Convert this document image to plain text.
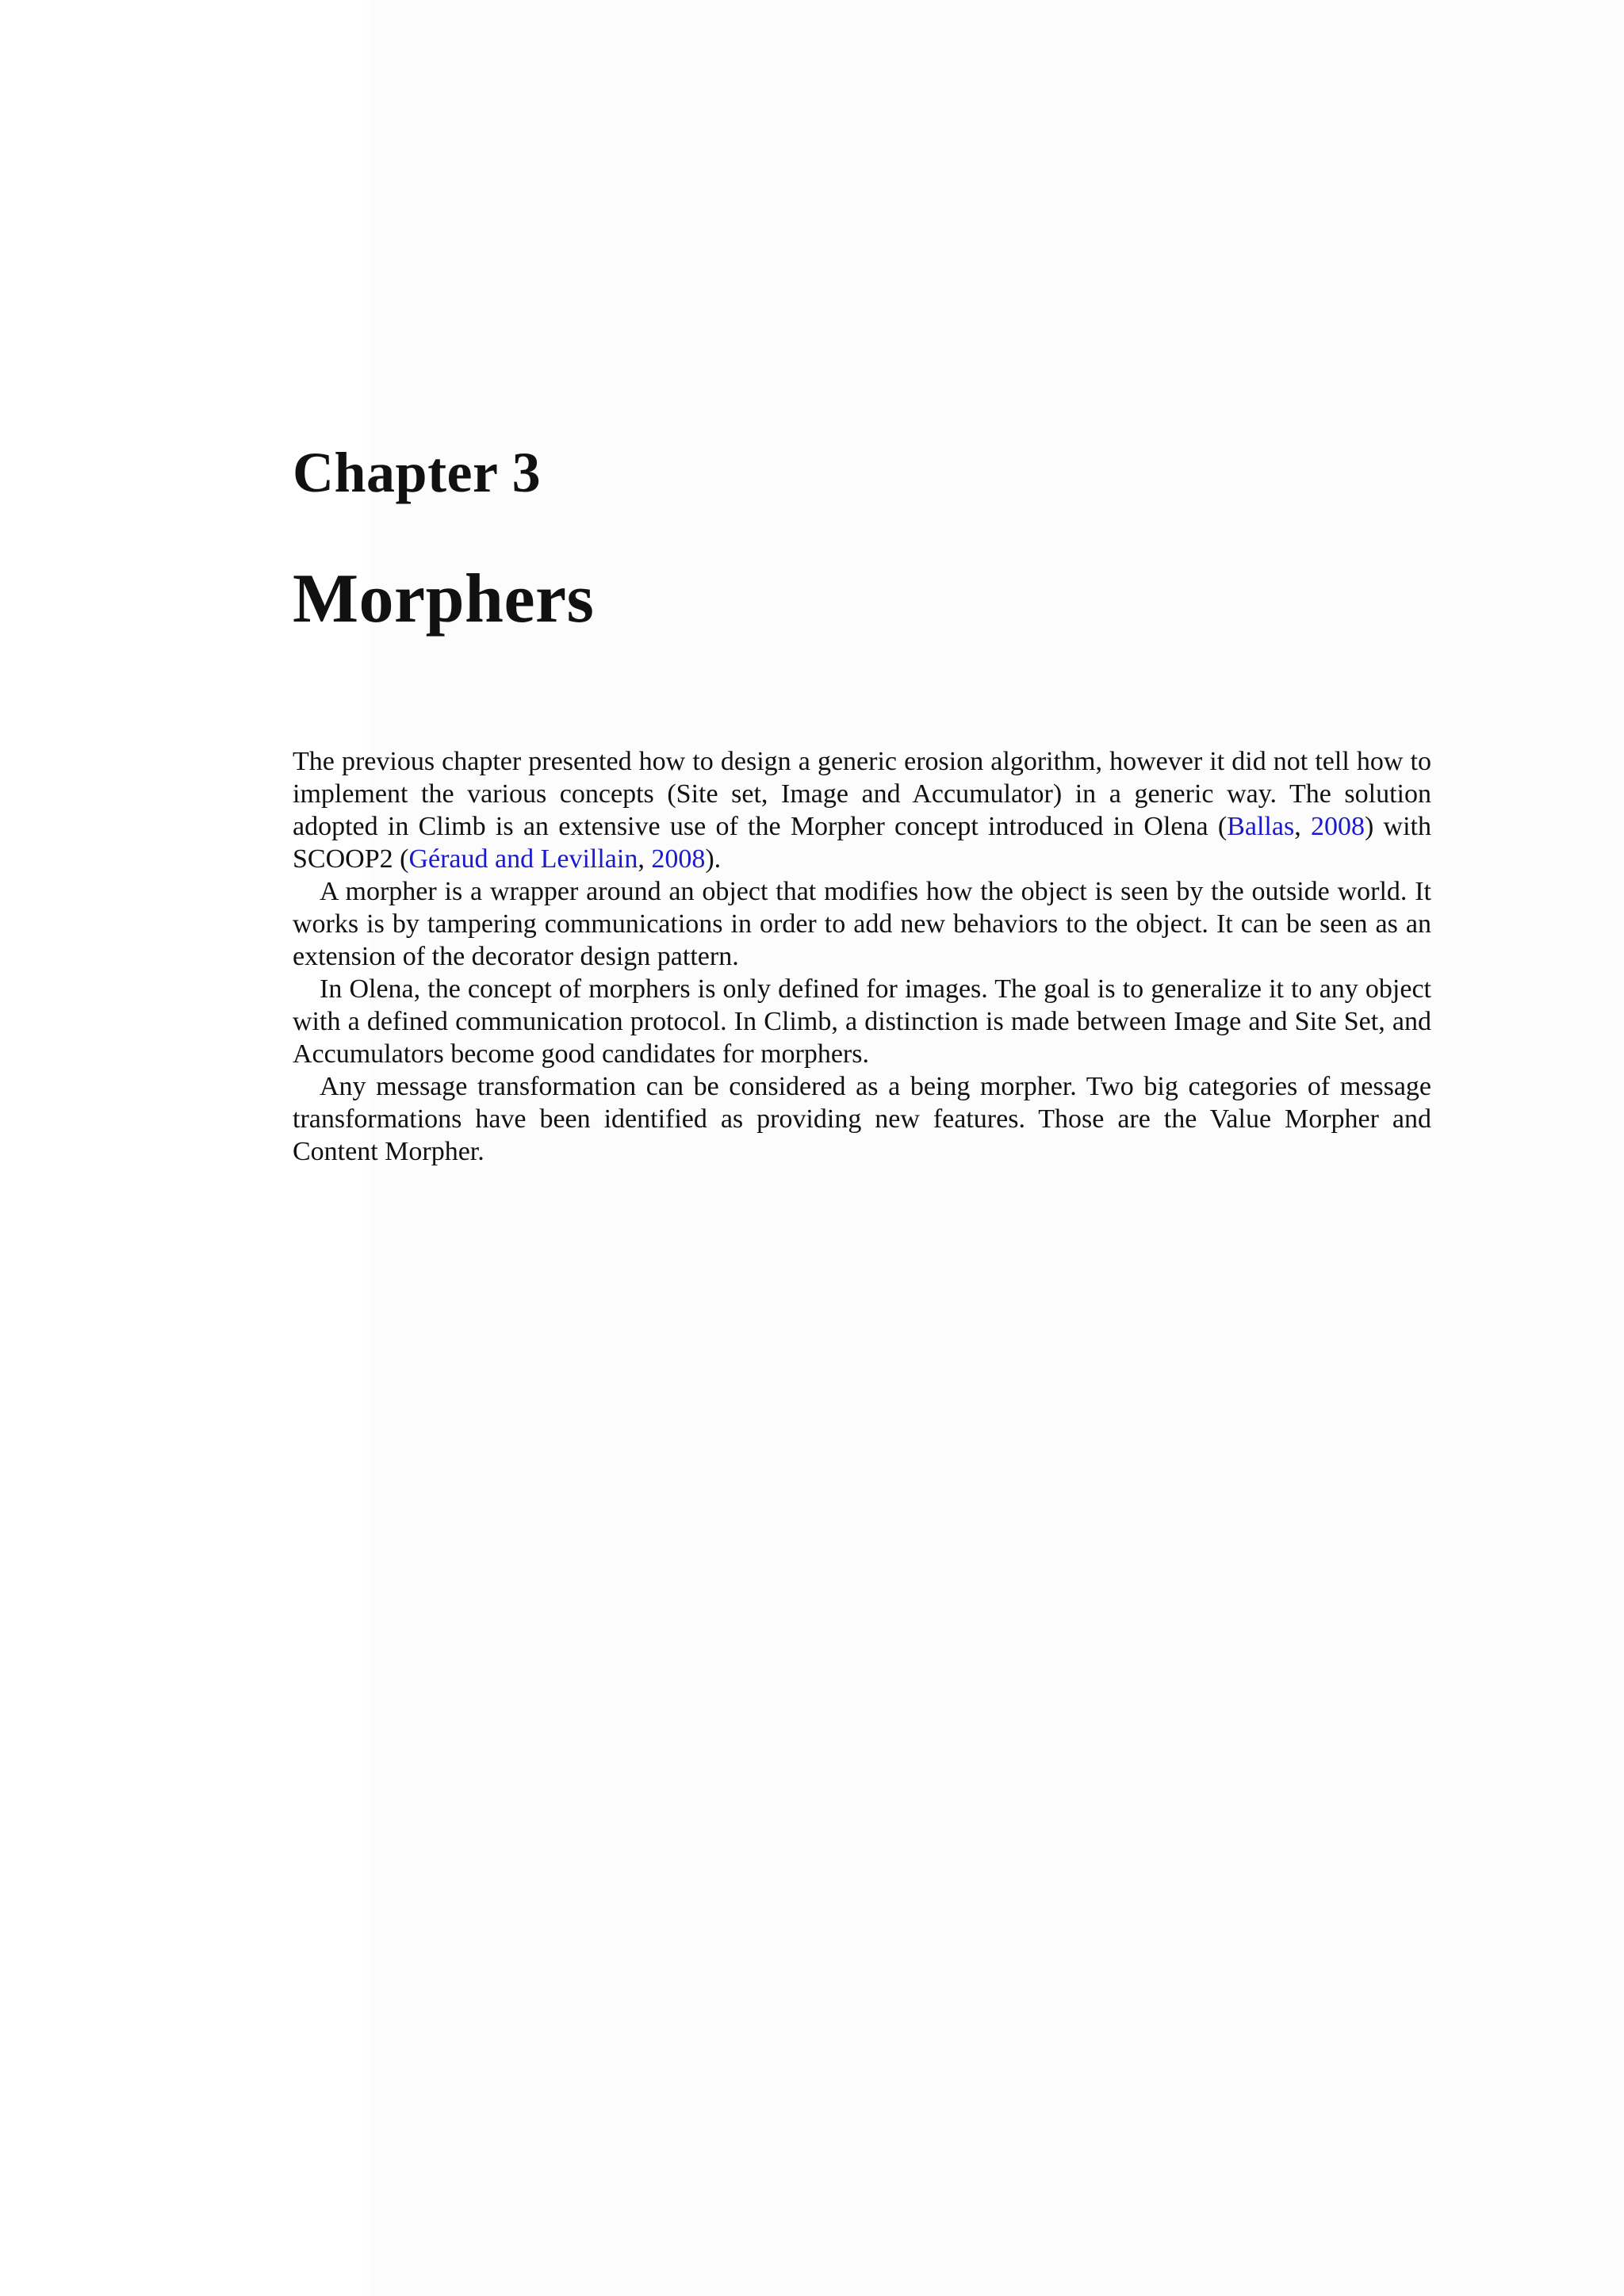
Chapter 3
Morphers

The previous chapter presented how to design a generic erosion algorithm, however it did not tell how to implement the various concepts (Site set, Image and Accumulator) in a generic way. The solution adopted in Climb is an extensive use of the Morpher concept introduced in Olena (Ballas, 2008) with SCOOP2 (Géraud and Levillain, 2008).

A morpher is a wrapper around an object that modifies how the object is seen by the outside world. It works is by tampering communications in order to add new behaviors to the object. It can be seen as an extension of the decorator design pattern.

In Olena, the concept of morphers is only defined for images. The goal is to generalize it to any object with a defined communication protocol. In Climb, a distinction is made between Image and Site Set, and Accumulators become good candidates for morphers.

Any message transformation can be considered as a being morpher. Two big categories of message transformations have been identified as providing new features. Those are the Value Morpher and Content Morpher.
